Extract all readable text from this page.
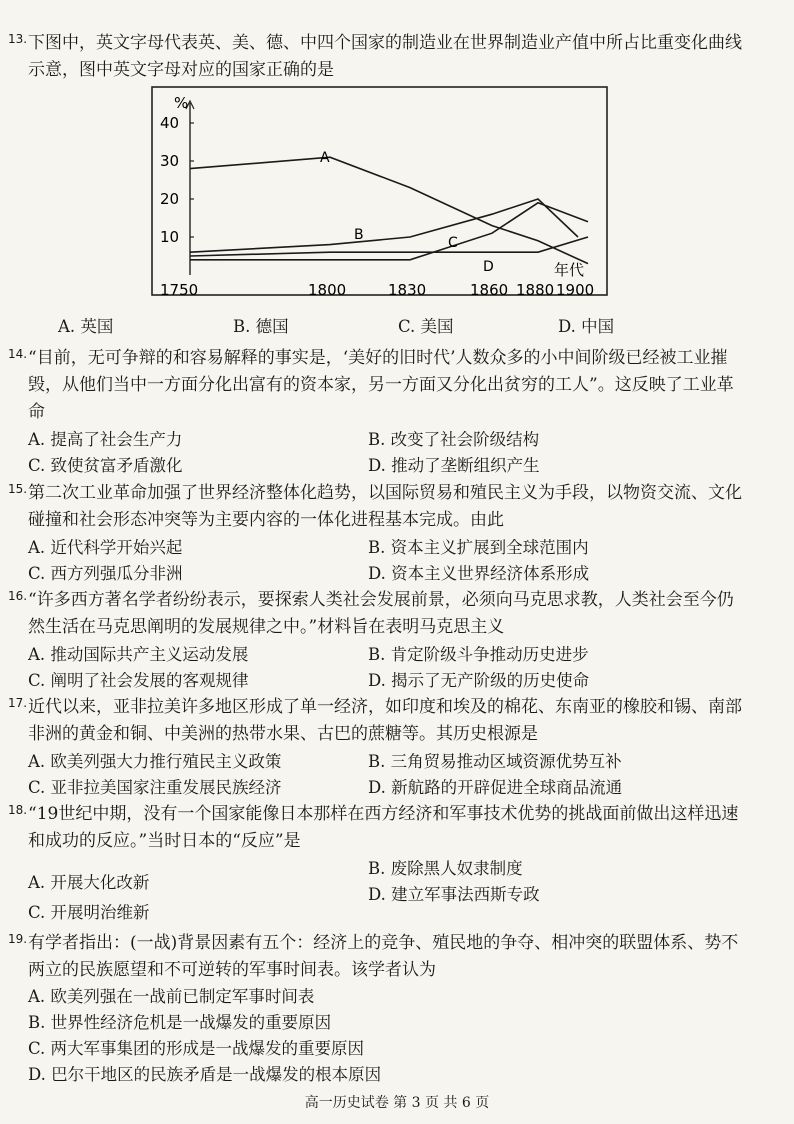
13. 下图中，英文字母代表英、美、德、中四个国家的制造业在世界制造业产值中所占比重变化曲线示意，图中英文字母对应的国家正确的是

%
40
30
20
10
1750	1800	1830	1860 1880 1900
年代
A
B	C
D
A. 英国	B. 德国	C. 美国	D. 中国
14. “目前，无可争辩的和容易解释的事实是，‘美好的旧时代’人数众多的小中间阶级已经被工业摧毁，从他们当中一方面分化出富有的资本家，另一方面又分化出贫穷的工人”。这反映了工业革命

A. 提高了社会生产力	B. 改变了社会阶级结构
C. 致使贫富矛盾激化	D. 推动了垄断组织产生
15. 第二次工业革命加强了世界经济整体化趋势，以国际贸易和殖民主义为手段，以物资交流、文化碰撞和社会形态冲突等为主要内容的一体化进程基本完成。由此

A. 近代科学开始兴起	B. 资本主义扩展到全球范围内
C. 西方列强瓜分非洲	D. 资本主义世界经济体系形成
16. “许多西方著名学者纷纷表示，要探索人类社会发展前景，必须向马克思求教，人类社会至今仍然生活在马克思阐明的发展规律之中。”材料旨在表明马克思主义

A. 推动国际共产主义运动发展	B. 肯定阶级斗争推动历史进步
C. 阐明了社会发展的客观规律	D. 揭示了无产阶级的历史使命
17. 近代以来，亚非拉美许多地区形成了单一经济，如印度和埃及的棉花、东南亚的橡胶和锡、南部非洲的黄金和铜、中美洲的热带水果、古巴的蔗糖等。其历史根源是

A. 欧美列强大力推行殖民主义政策	B. 三角贸易推动区域资源优势互补
C. 亚非拉美国家注重发展民族经济	D. 新航路的开辟促进全球商品流通
18. “19世纪中期，没有一个国家能像日本那样在西方经济和军事技术优势的挑战面前做出这样迅速和成功的反应。”当时日本的“反应”是

B. 废除黑人奴隶制度
A. 开展大化改新
D. 建立军事法西斯专政
C. 开展明治维新
19. 有学者指出：(一战)背景因素有五个：经济上的竞争、殖民地的争夺、相冲突的联盟体系、势不两立的民族愿望和不可逆转的军事时间表。该学者认为

A. 欧美列强在一战前已制定军事时间表
B. 世界性经济危机是一战爆发的重要原因
C. 两大军事集团的形成是一战爆发的重要原因
D. 巴尔干地区的民族矛盾是一战爆发的根本原因
高一历史试卷 第 3 页 共 6 页
